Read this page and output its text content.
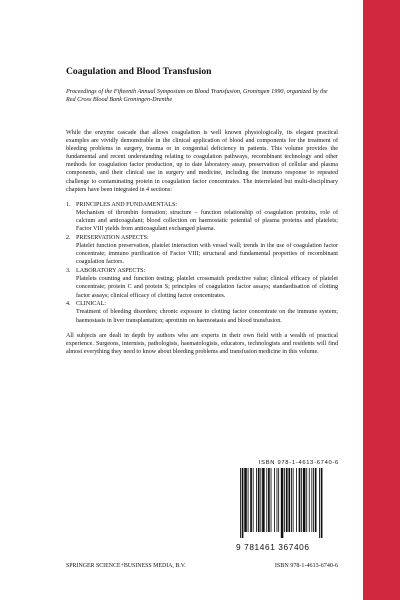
Coagulation and Blood Transfusion

Proceedings of the Fifteenth Annual Symposium on Blood Transfusion, Groningen 1990, organized by the Red Cross Blood Bank Groningen-Drenthe

While the enzyme cascade that allows coagulation is well known physiologically, its elegant practical examples are vividly demonstrable in the clinical application of blood and components for the treatment of bleeding problems in surgery, trauma or in congenital deficiency in patients. This volume provides the fundamental and recent understanding relating to coagulation pathways, recombinant technology and other methods for coagulation factor production, up to date laboratory assay, preservation of cellular and plasma components, and their clinical use in surgery and medicine, including the immuno response to repeated challenge to contaminating protein in coagulation factor concentrates. The interrelated but multi-disciplinary chapters have been integrated in 4 sections:

1. PRINCIPLES AND FUNDAMENTALS:
Mechanism of thrombin formation; structure – function relationship of coagulation proteins, role of calcium and anticoagulant; blood collection on haemostatic potential of plasma proteins and platelets; Factor VIII yields from anticoagulant exchanged plasma.
2. PRESERVATION ASPECTS:
Platelet function preservation, platelet interaction with vessel wall; trends in the use of coagulation factor concentrate; immuno purification of Factor VIII; structural and fundamental properties of recombinant coagulation factors.
3. LABORATORY ASPECTS:
Platelets counting and function testing; platelet crossmatch predictive value; clinical efficacy of platelet concentrate; protein C and protein S; principles of coagulation factor assays; standardisation of clotting factor assays; clinical efficacy of clotting factor concentrates.
4. CLINICAL:
Treatment of bleeding disorders; chronic exposure to clotting factor concentrate on the immune system; haemostasis in liver transplantation; aprotinin on haemostasis and blood transfusion.

All subjects are dealt in depth by authors who are experts in their own field with a wealth of practical experience. Surgeons, internists, pathologists, haematologists, educators, technologists and residents will find almost everything they need to know about bleeding problems and transfusion medicine in this volume.

ISBN 978-1-4613-6740-6
9 781461 367406
SPRINGER SCIENCE+BUSINESS MEDIA, B.V.	ISBN 978-1-4613-6740-6
